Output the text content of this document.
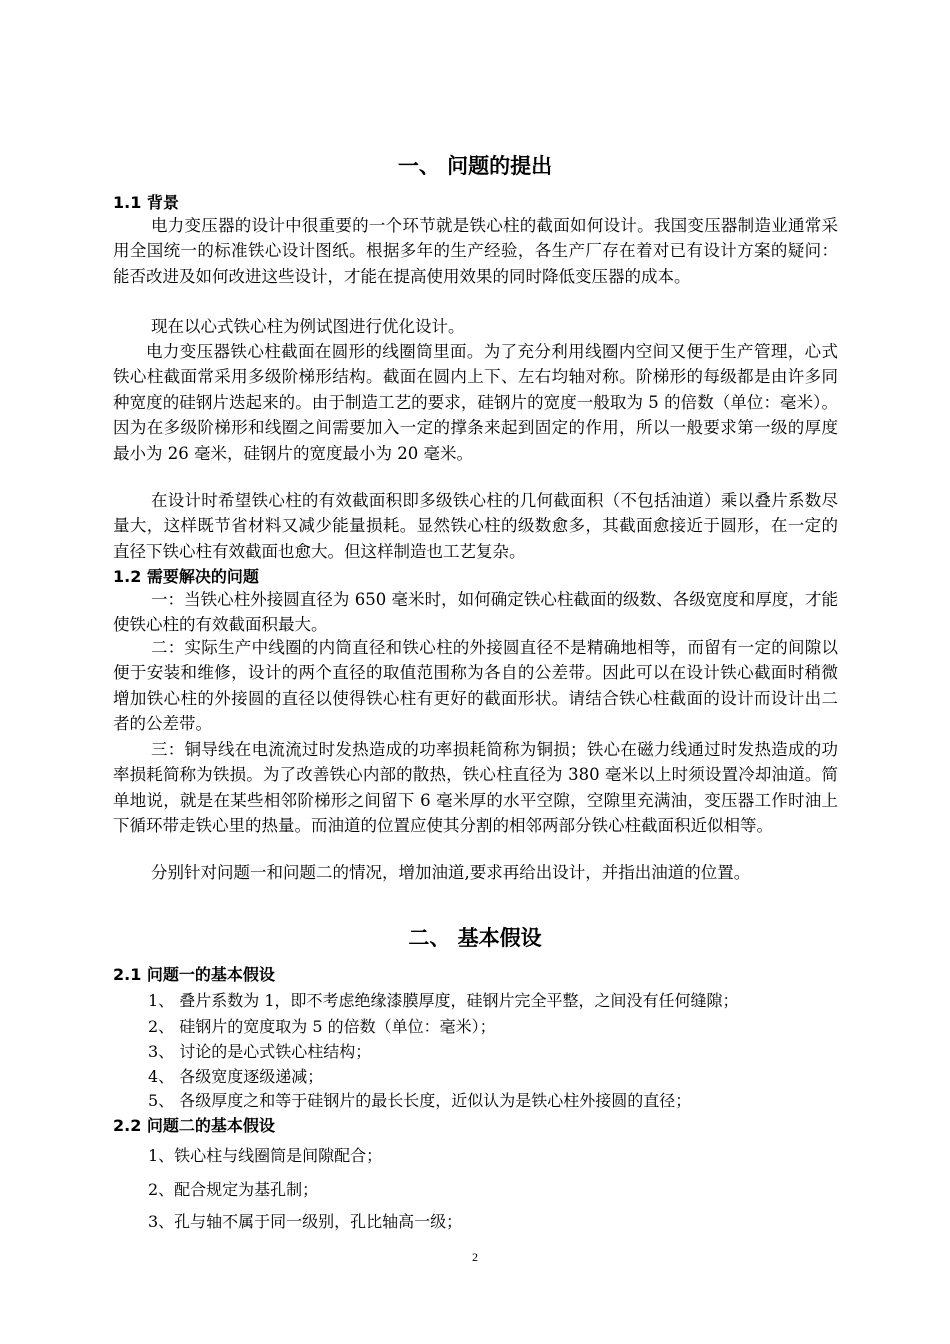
一、 问题的提出
1.1 背景

电力变压器的设计中很重要的一个环节就是铁心柱的截面如何设计。我国变压器制造业通常采用全国统一的标准铁心设计图纸。根据多年的生产经验，各生产厂存在着对已有设计方案的疑问：能否改进及如何改进这些设计，才能在提高使用效果的同时降低变压器的成本。

现在以心式铁心柱为例试图进行优化设计。

电力变压器铁心柱截面在圆形的线圈筒里面。为了充分利用线圈内空间又便于生产管理，心式铁心柱截面常采用多级阶梯形结构。截面在圆内上下、左右均轴对称。阶梯形的每级都是由许多同种宽度的硅钢片迭起来的。由于制造工艺的要求，硅钢片的宽度一般取为 5 的倍数（单位：毫米）。因为在多级阶梯形和线圈之间需要加入一定的撑条来起到固定的作用，所以一般要求第一级的厚度最小为 26 毫米，硅钢片的宽度最小为 20 毫米。

在设计时希望铁心柱的有效截面积即多级铁心柱的几何截面积（不包括油道）乘以叠片系数尽量大，这样既节省材料又减少能量损耗。显然铁心柱的级数愈多，其截面愈接近于圆形，在一定的直径下铁心柱有效截面也愈大。但这样制造也工艺复杂。

1.2 需要解决的问题

一：当铁心柱外接圆直径为 650 毫米时，如何确定铁心柱截面的级数、各级宽度和厚度，才能使铁心柱的有效截面积最大。

二：实际生产中线圈的内筒直径和铁心柱的外接圆直径不是精确地相等，而留有一定的间隙以便于安装和维修，设计的两个直径的取值范围称为各自的公差带。因此可以在设计铁心截面时稍微增加铁心柱的外接圆的直径以使得铁心柱有更好的截面形状。请结合铁心柱截面的设计而设计出二者的公差带。

三：铜导线在电流流过时发热造成的功率损耗简称为铜损；铁心在磁力线通过时发热造成的功率损耗简称为铁损。为了改善铁心内部的散热，铁心柱直径为 380 毫米以上时须设置冷却油道。简单地说，就是在某些相邻阶梯形之间留下 6 毫米厚的水平空隙，空隙里充满油，变压器工作时油上下循环带走铁心里的热量。而油道的位置应使其分割的相邻两部分铁心柱截面积近似相等。

分别针对问题一和问题二的情况，增加油道,要求再给出设计，并指出油道的位置。

二、 基本假设
2.1 问题一的基本假设
1、 叠片系数为 1，即不考虑绝缘漆膜厚度，硅钢片完全平整，之间没有任何缝隙；
2、 硅钢片的宽度取为 5 的倍数（单位：毫米）；
3、 讨论的是心式铁心柱结构；
4、 各级宽度逐级递减；
5、 各级厚度之和等于硅钢片的最长长度，近似认为是铁心柱外接圆的直径；
2.2 问题二的基本假设
1、铁心柱与线圈筒是间隙配合；
2、配合规定为基孔制；
3、孔与轴不属于同一级别，孔比轴高一级；
2
